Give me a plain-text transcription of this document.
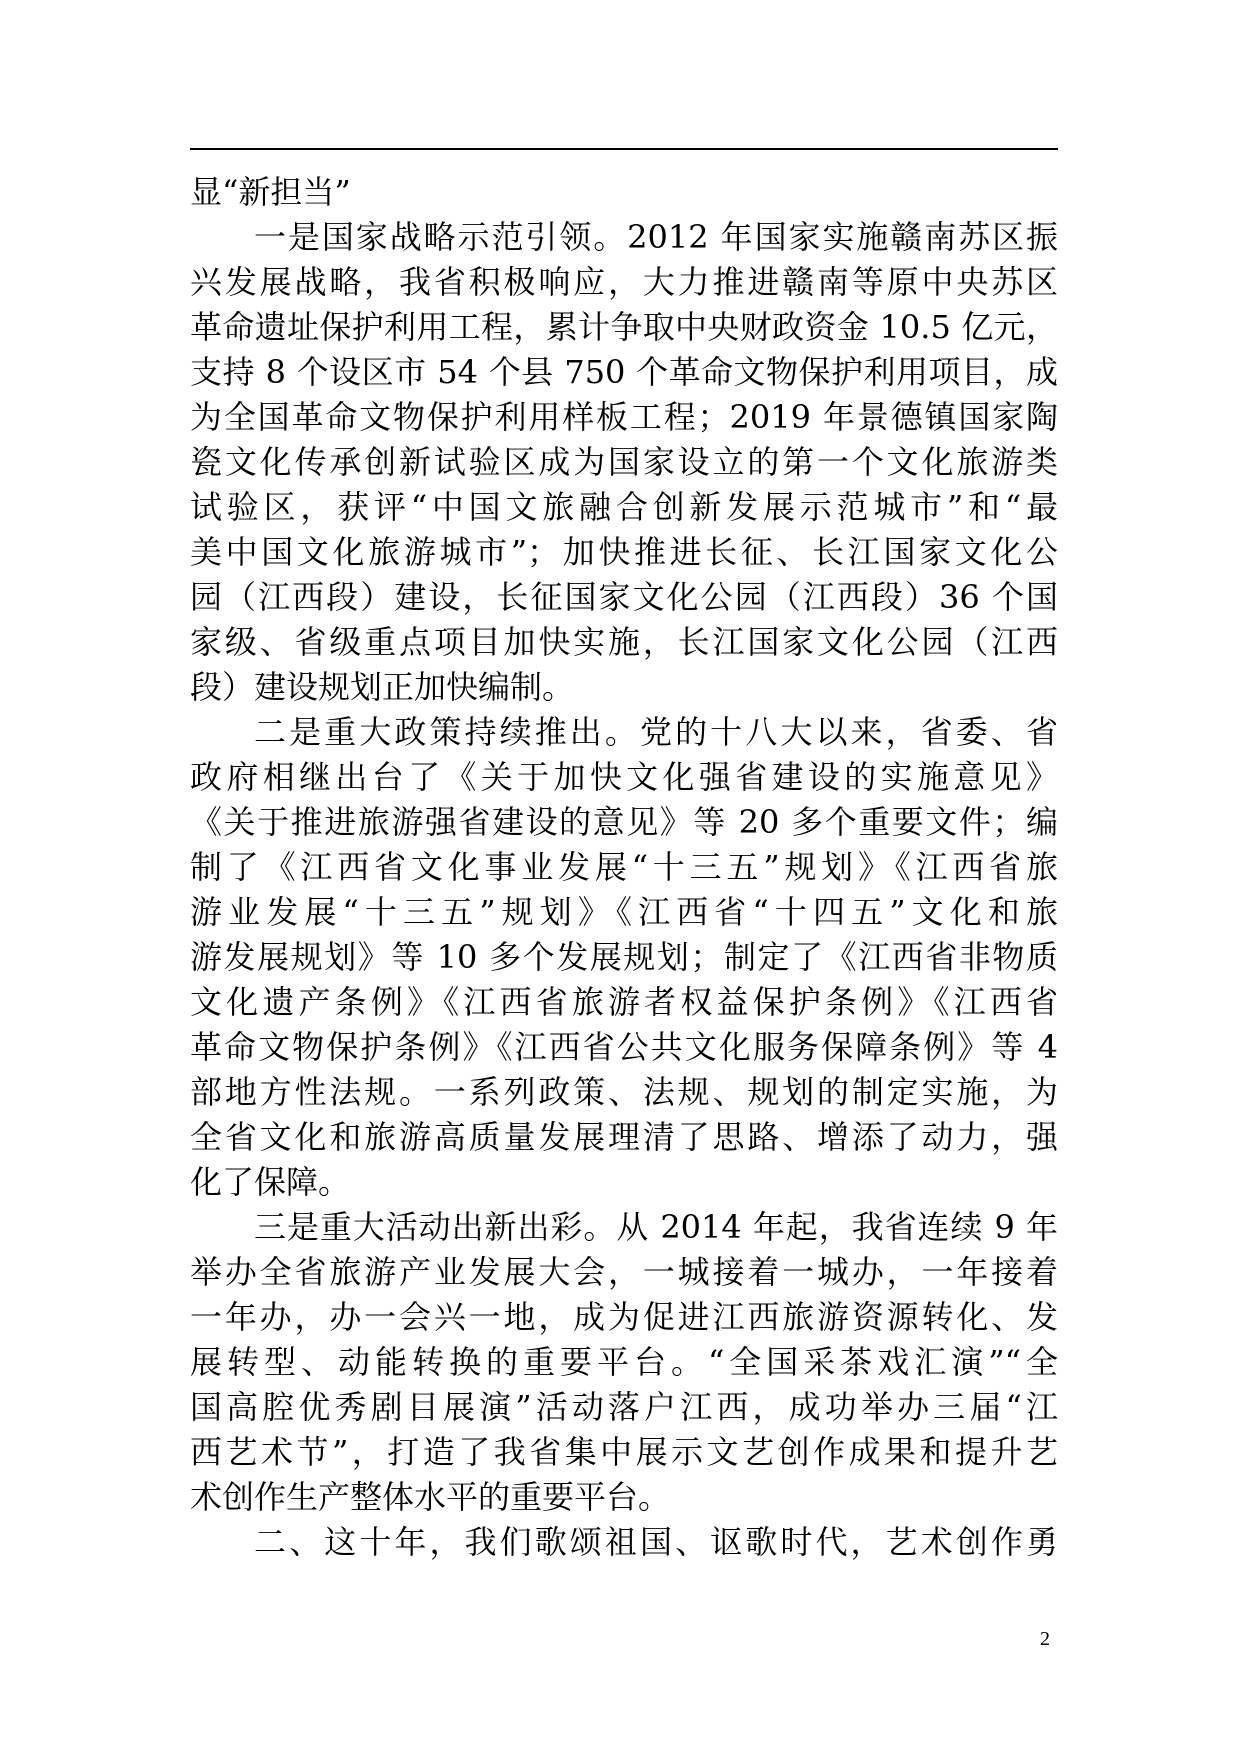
显“新担当”
一是国家战略示范引领。2012 年国家实施赣南苏区振
兴发展战略，我省积极响应，大力推进赣南等原中央苏区
革命遗址保护利用工程，累计争取中央财政资金 10.5 亿元，
支持 8 个设区市 54 个县 750 个革命文物保护利用项目，成
为全国革命文物保护利用样板工程；2019 年景德镇国家陶
瓷文化传承创新试验区成为国家设立的第一个文化旅游类
试验区，获评“中国文旅融合创新发展示范城市”和“最
美中国文化旅游城市”；加快推进长征、长江国家文化公
园（江西段）建设，长征国家文化公园（江西段）36 个国
家级、省级重点项目加快实施，长江国家文化公园（江西
段）建设规划正加快编制。
二是重大政策持续推出。党的十八大以来，省委、省
政府相继出台了《关于加快文化强省建设的实施意见》
《关于推进旅游强省建设的意见》等 20 多个重要文件；编
制了《江西省文化事业发展“十三五”规划》《江西省旅
游业发展“十三五”规划》《江西省“十四五”文化和旅
游发展规划》等 10 多个发展规划；制定了《江西省非物质
文化遗产条例》《江西省旅游者权益保护条例》《江西省
革命文物保护条例》《江西省公共文化服务保障条例》等 4
部地方性法规。一系列政策、法规、规划的制定实施，为
全省文化和旅游高质量发展理清了思路、增添了动力，强
化了保障。
三是重大活动出新出彩。从 2014 年起，我省连续 9 年
举办全省旅游产业发展大会，一城接着一城办，一年接着
一年办，办一会兴一地，成为促进江西旅游资源转化、发
展转型、动能转换的重要平台。“全国采茶戏汇演”“全
国高腔优秀剧目展演”活动落户江西，成功举办三届“江
西艺术节”，打造了我省集中展示文艺创作成果和提升艺
术创作生产整体水平的重要平台。
二、这十年，我们歌颂祖国、讴歌时代，艺术创作勇
2
